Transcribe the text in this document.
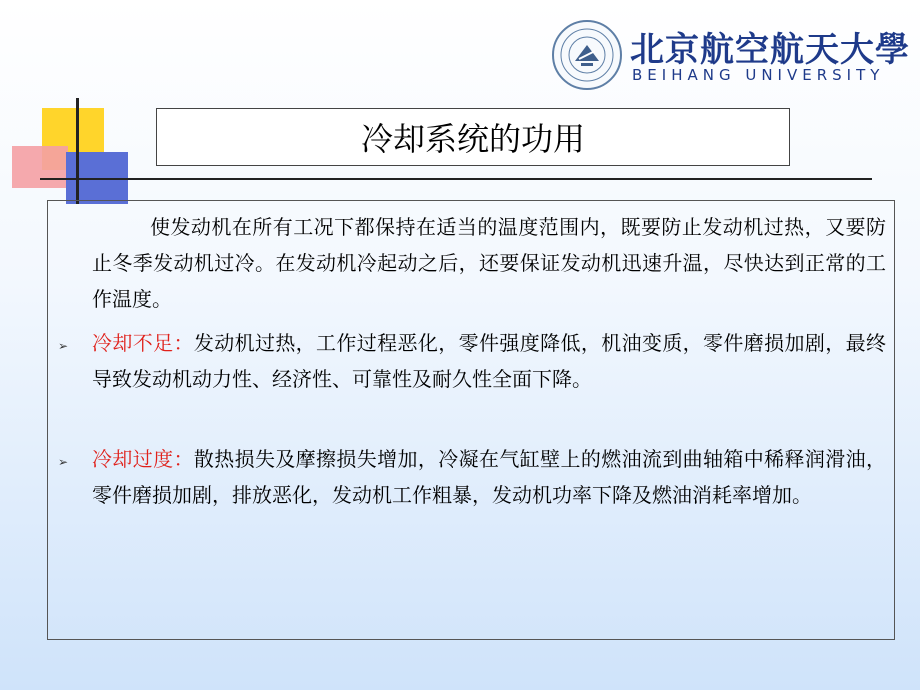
北京航空航天大學
BEIHANG UNIVERSITY
冷却系统的功用

使发动机在所有工况下都保持在适当的温度范围内，既要防止发动机过热，又要防止冬季发动机过冷。在发动机冷起动之后，还要保证发动机迅速升温，尽快达到正常的工作温度。

➢ 冷却不足：发动机过热，工作过程恶化，零件强度降低，机油变质，零件磨损加剧，最终导致发动机动力性、经济性、可靠性及耐久性全面下降。

➢ 冷却过度：散热损失及摩擦损失增加，冷凝在气缸壁上的燃油流到曲轴箱中稀释润滑油，零件磨损加剧，排放恶化，发动机工作粗暴，发动机功率下降及燃油消耗率增加。
